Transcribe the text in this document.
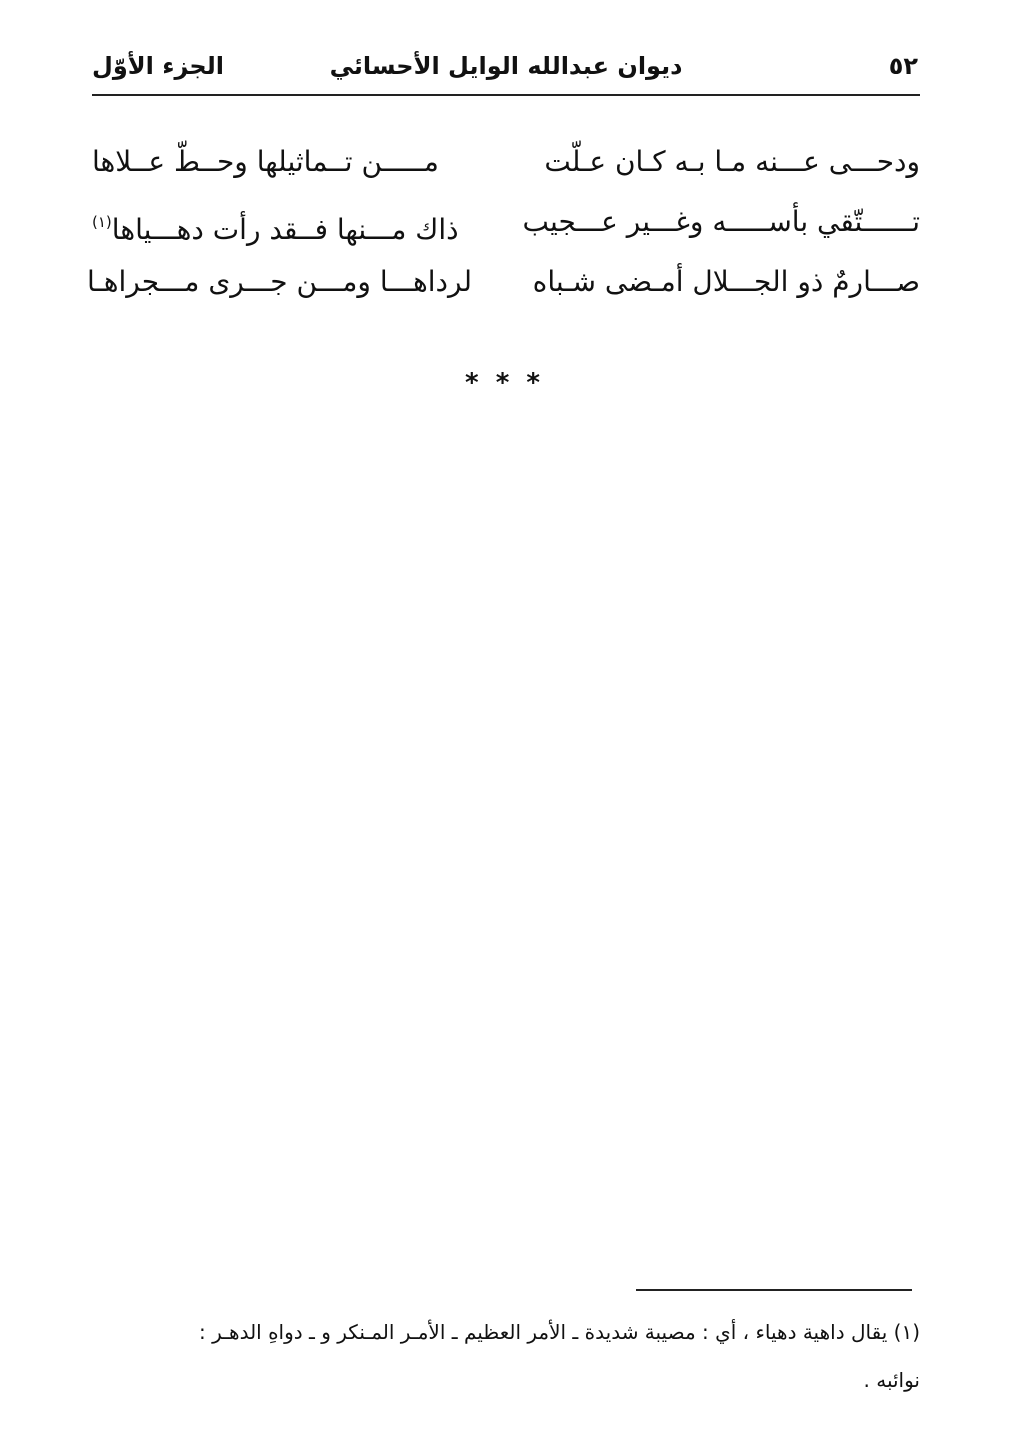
٥٢
ديوان عبدالله الوايل الأحسائي
الجزء الأوّل
ودحـــى عـــنه مـا بـه كـان عـلّت
مـــــن تــماثيلها وحــطّ عــلاها
تــــــتّقي بأســـــه وغـــير عـــجيب
ذاك مـــنها فــقد رأت دهـــياها$^{(١)}$
صـــارمٌ ذو الجـــلال أمـضى شـباه
لرداهـــا ومـــن جـــرى مـــجراهـا
* * *
(١) يقال داهية دهياء ، أي : مصيبة شديدة ـ الأمر العظيم ـ الأمـر المـنكر و ـ دواهِ الدهـر :
نوائبه .
